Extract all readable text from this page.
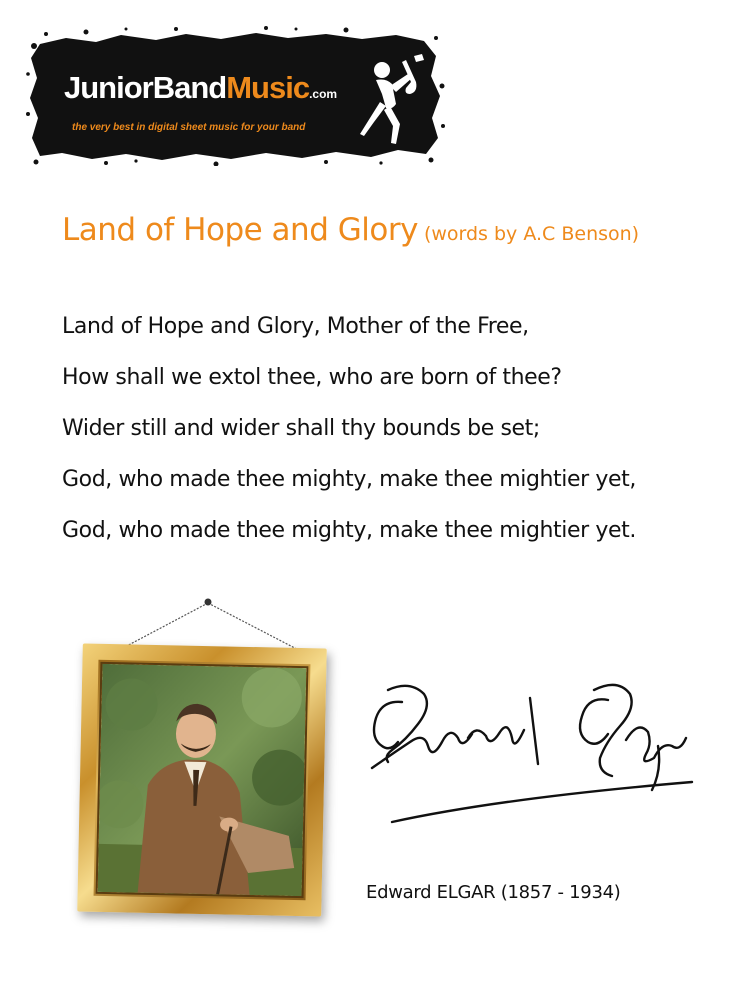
JuniorBandMusic.com
the very best in digital sheet music for your band
Land of Hope and Glory (words by A.C Benson)
Land of Hope and Glory, Mother of the Free,
How shall we extol thee, who are born of thee?
Wider still and wider shall thy bounds be set;
God, who made thee mighty, make thee mightier yet,
God, who made thee mighty, make thee mightier yet.
Edward ELGAR (1857 - 1934)
